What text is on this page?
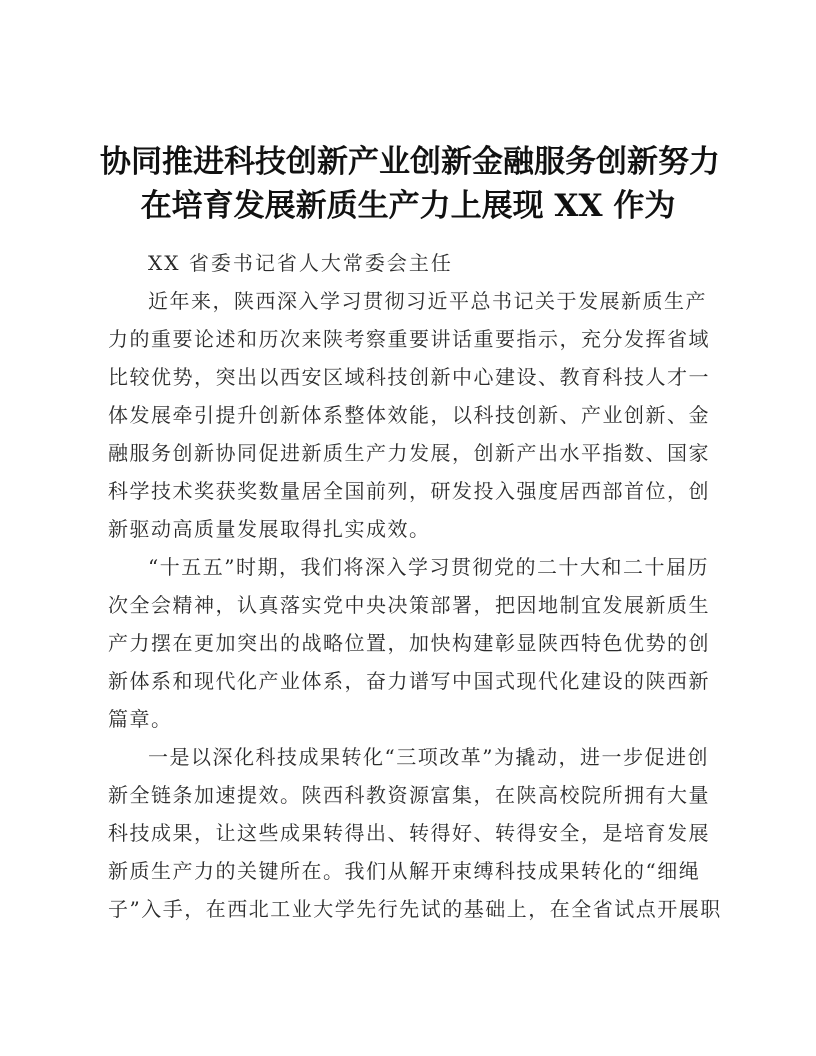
协同推进科技创新产业创新金融服务创新努力
在培育发展新质生产力上展现 XX 作为
XX 省委书记省人大常委会主任

近年来，陕西深入学习贯彻习近平总书记关于发展新质生产
力的重要论述和历次来陕考察重要讲话重要指示，充分发挥省域
比较优势，突出以西安区域科技创新中心建设、教育科技人才一
体发展牵引提升创新体系整体效能，以科技创新、产业创新、金
融服务创新协同促进新质生产力发展，创新产出水平指数、国家
科学技术奖获奖数量居全国前列，研发投入强度居西部首位，创
新驱动高质量发展取得扎实成效。

“十五五”时期，我们将深入学习贯彻党的二十大和二十届历
次全会精神，认真落实党中央决策部署，把因地制宜发展新质生
产力摆在更加突出的战略位置，加快构建彰显陕西特色优势的创
新体系和现代化产业体系，奋力谱写中国式现代化建设的陕西新
篇章。

一是以深化科技成果转化“三项改革”为撬动，进一步促进创
新全链条加速提效。陕西科教资源富集，在陕高校院所拥有大量
科技成果，让这些成果转得出、转得好、转得安全，是培育发展
新质生产力的关键所在。我们从解开束缚科技成果转化的“细绳
子”入手，在西北工业大学先行先试的基础上，在全省试点开展职
